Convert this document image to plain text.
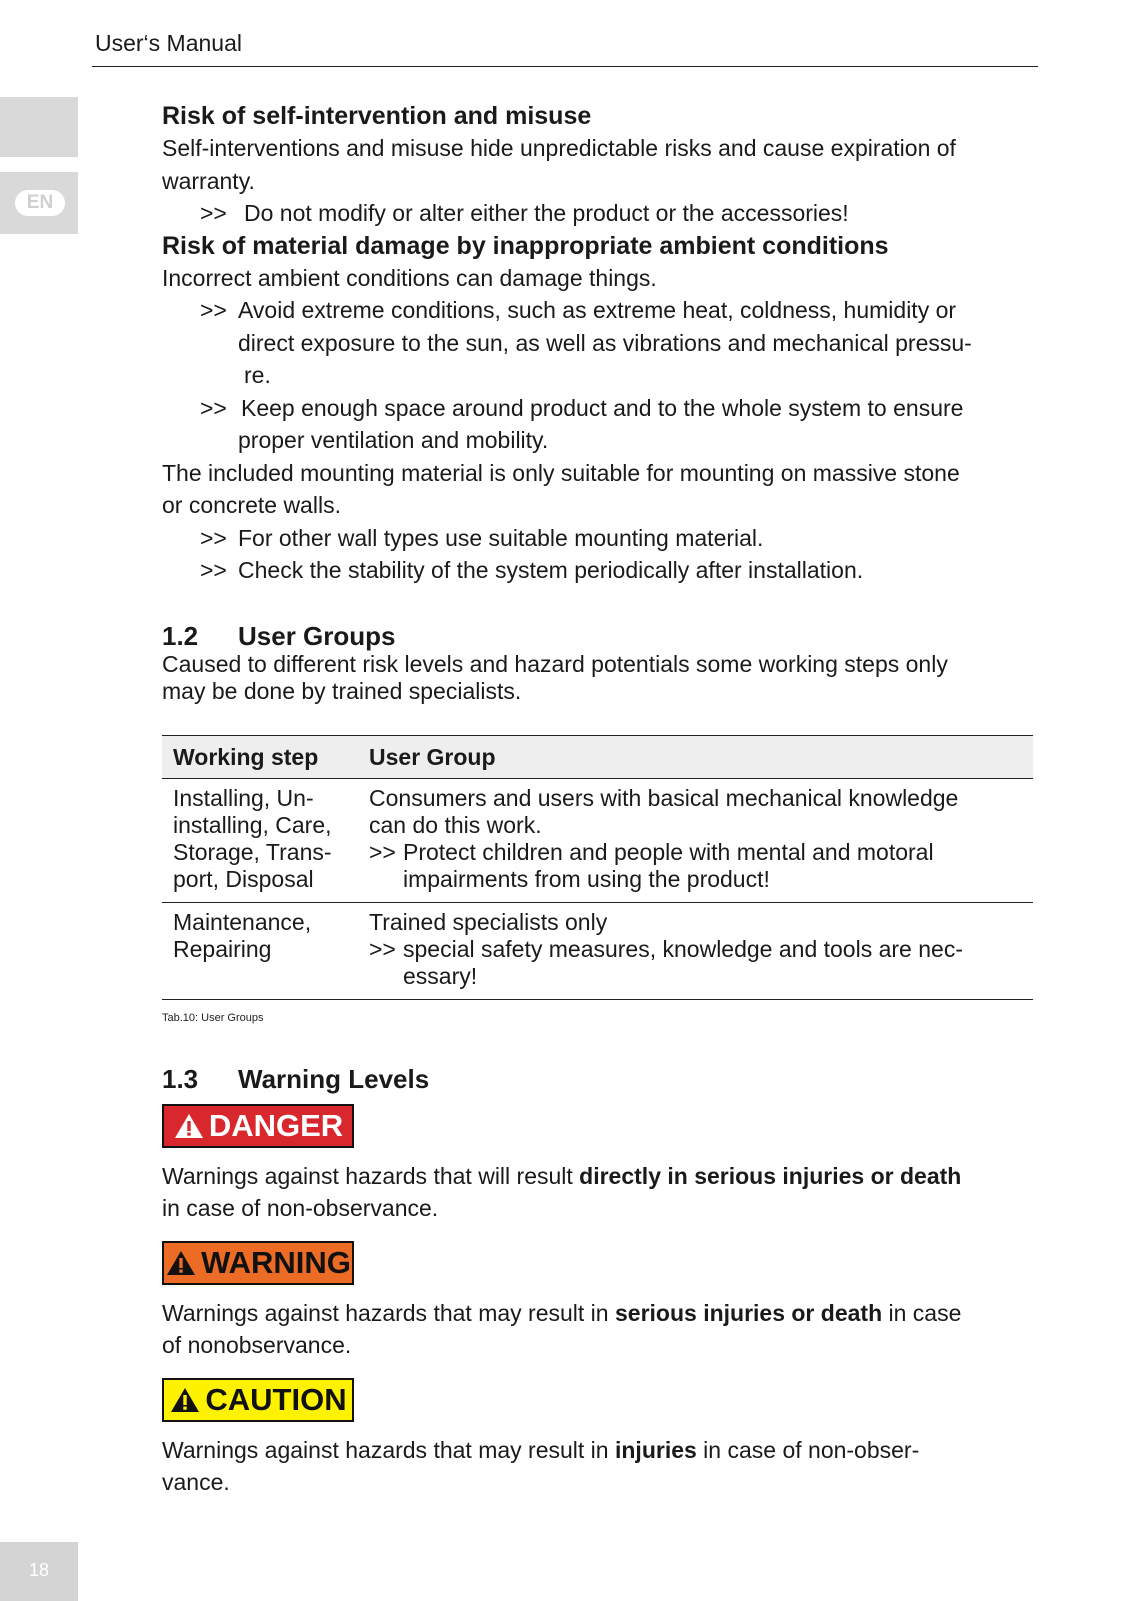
User‘s Manual
EN
18
Risk of self-intervention and misuse
Self-interventions and misuse hide unpredictable risks and cause expiration of
warranty.
>> Do not modify or alter either the product or the accessories!
Risk of material damage by inappropriate ambient conditions
Incorrect ambient conditions can damage things.
>> Avoid extreme conditions, such as extreme heat, coldness, humidity or
direct exposure to the sun, as well as vibrations and mechanical pressu-
re.
>> Keep enough space around product and to the whole system to ensure
proper ventilation and mobility.
The included mounting material is only suitable for mounting on massive stone
or concrete walls.
>> For other wall types use suitable mounting material.
>> Check the stability of the system periodically after installation.
1.2 User Groups
Caused to different risk levels and hazard potentials some working steps only
may be done by trained specialists.
Working step	User Group

Installing, Un-
installing, Care,
Storage, Trans-
port, Disposal	Consumers and users with basical mechanical knowledge
can do this work.
>> Protect children and people with mental and motoral
impairments from using the product!

Maintenance,
Repairing	Trained specialists only
>> special safety measures, knowledge and tools are nec-
essary!
Tab.10: User Groups
1.3 Warning Levels
DANGER
Warnings against hazards that will result directly in serious injuries or death
in case of non-observance.
WARNING
Warnings against hazards that may result in serious injuries or death in case
of nonobservance.
CAUTION
Warnings against hazards that may result in injuries in case of non-obser-
vance.
